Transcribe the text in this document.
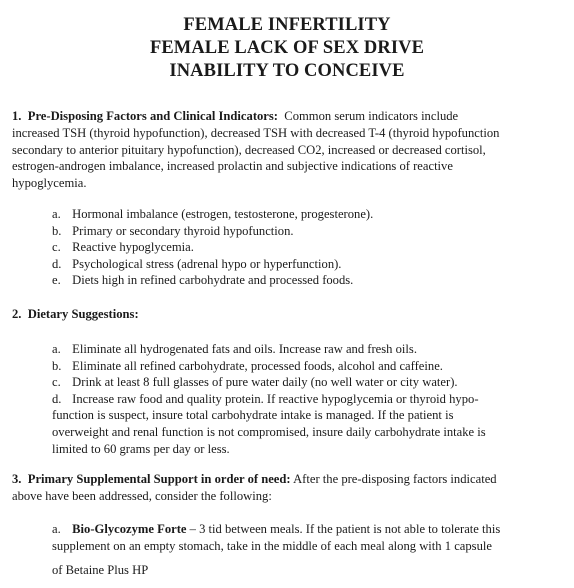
FEMALE INFERTILITY
FEMALE LACK OF SEX DRIVE
INABILITY TO CONCEIVE
1. Pre-Disposing Factors and Clinical Indicators: Common serum indicators include
increased TSH (thyroid hypofunction), decreased TSH with decreased T-4 (thyroid hypofunction
secondary to anterior pituitary hypofunction), decreased CO2, increased or decreased cortisol,
estrogen-androgen imbalance, increased prolactin and subjective indications of reactive
hypoglycemia.
a. Hormonal imbalance (estrogen, testosterone, progesterone).
b. Primary or secondary thyroid hypofunction.
c. Reactive hypoglycemia.
d. Psychological stress (adrenal hypo or hyperfunction).
e. Diets high in refined carbohydrate and processed foods.
2. Dietary Suggestions:
a. Eliminate all hydrogenated fats and oils. Increase raw and fresh oils.
b. Eliminate all refined carbohydrate, processed foods, alcohol and caffeine.
c. Drink at least 8 full glasses of pure water daily (no well water or city water).
d. Increase raw food and quality protein. If reactive hypoglycemia or thyroid hypo-
function is suspect, insure total carbohydrate intake is managed. If the patient is
overweight and renal function is not compromised, insure daily carbohydrate intake is
limited to 60 grams per day or less.
3. Primary Supplemental Support in order of need: After the pre-disposing factors indicated
above have been addressed, consider the following:
a. Bio-Glycozyme Forte – 3 tid between meals. If the patient is not able to tolerate this
supplement on an empty stomach, take in the middle of each meal along with 1 capsule
of Betaine Plus HP
